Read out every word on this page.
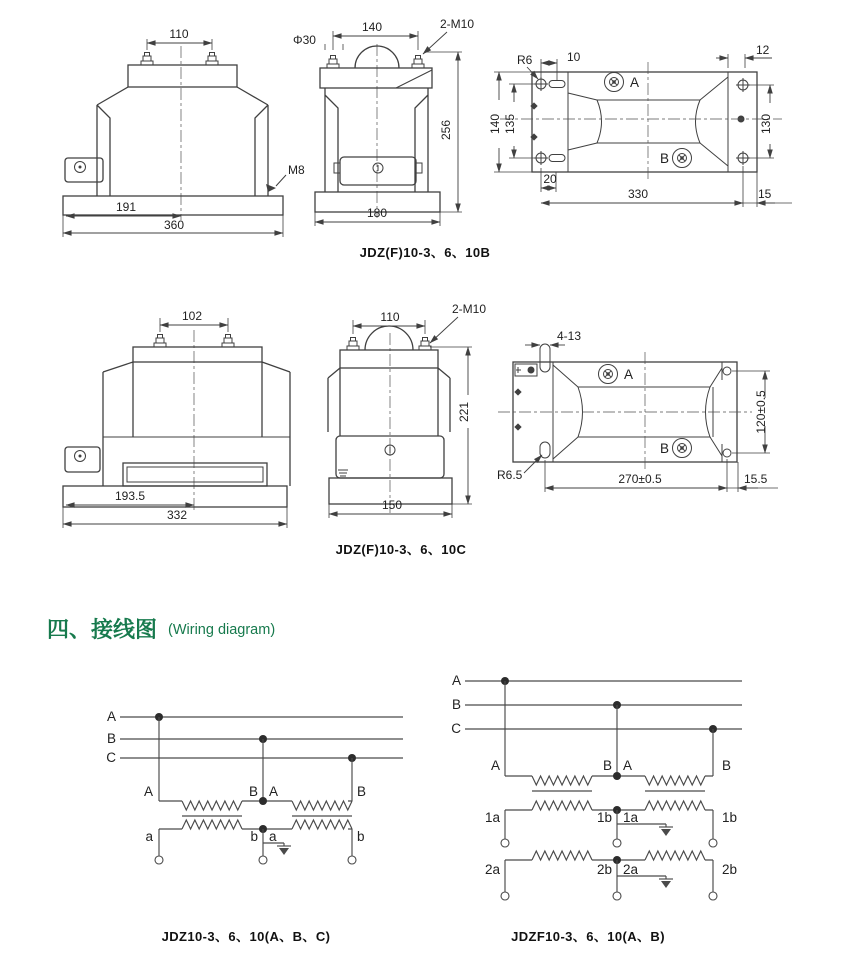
M8
110
191
360
Φ30
140	2-M10
256
180
A
B
R6	10	12
140 135	130
20
330	15
JDZ(F)10-3、6、10B
102
193.5
332
110
2-M10
221
150
A
B
4-13
120±0.5
R6.5	270±0.5	15.5
JDZ(F)10-3、6、10C
四、接线图 (Wiring diagram)
A
B
C
A	B A	B
a	b a	b
JDZ10-3、6、10(A、B、C)
A
B
C
A	B A	B
1a	1b 1a	1b
2a	2b 2a	2b
JDZF10-3、6、10(A、B)
